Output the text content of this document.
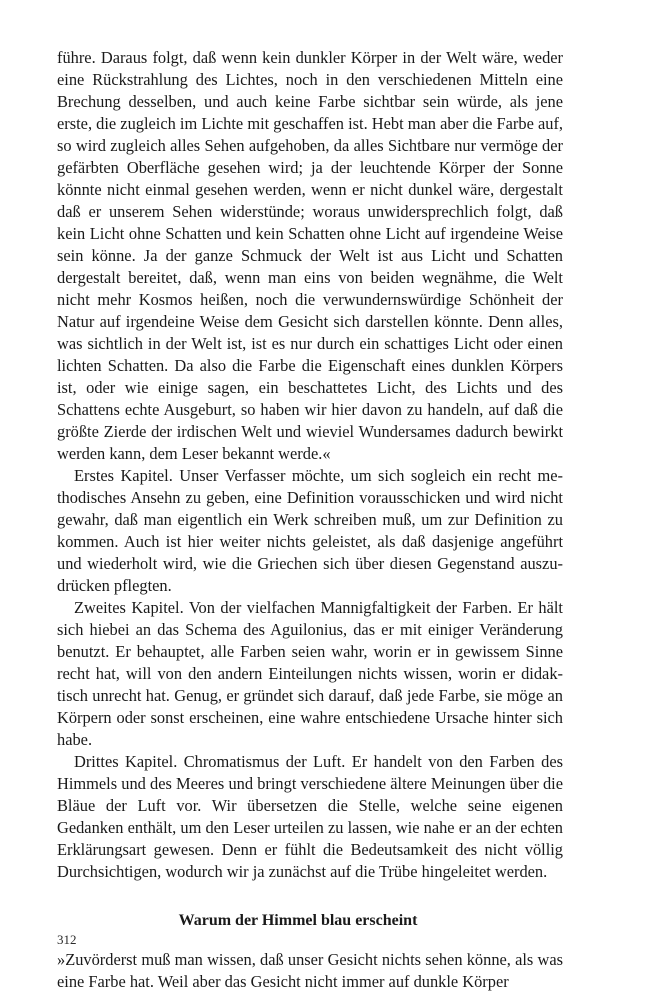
führe. Daraus folgt, daß wenn kein dunkler Körper in der Welt wäre, weder eine Rückstrahlung des Lichtes, noch in den verschiedenen Mitteln eine Brechung desselben, und auch keine Farbe sichtbar sein würde, als jene erste, die zugleich im Lichte mit geschaffen ist. Hebt man aber die Farbe auf, so wird zugleich alles Sehen aufgehoben, da alles Sichtbare nur vermöge der gefärbten Oberfläche gesehen wird; ja der leuchtende Körper der Sonne könnte nicht einmal gesehen werden, wenn er nicht dunkel wäre, dergestalt daß er unserem Sehen widerstünde; woraus unwidersprechlich folgt, daß kein Licht ohne Schatten und kein Schatten ohne Licht auf irgendeine Weise sein könne. Ja der ganze Schmuck der Welt ist aus Licht und Schatten dergestalt bereitet, daß, wenn man eins von beiden wegnähme, die Welt nicht mehr Kosmos heißen, noch die verwundernswürdige Schönheit der Natur auf irgendeine Weise dem Gesicht sich darstellen könnte. Denn alles, was sichtlich in der Welt ist, ist es nur durch ein schattiges Licht oder einen lichten Schatten. Da also die Farbe die Eigenschaft eines dunklen Körpers ist, oder wie einige sagen, ein beschattetes Licht, des Lichts und des Schattens echte Ausgeburt, so haben wir hier davon zu handeln, auf daß die größte Zierde der irdischen Welt und wieviel Wundersames dadurch bewirkt werden kann, dem Leser bekannt werde.«

Erstes Kapitel. Unser Verfasser möchte, um sich sogleich ein recht methodisches Ansehn zu geben, eine Definition vorausschicken und wird nicht gewahr, daß man eigentlich ein Werk schreiben muß, um zur Definition zu kommen. Auch ist hier weiter nichts geleistet, als daß dasjenige angeführt und wiederholt wird, wie die Griechen sich über diesen Gegenstand auszudrücken pflegten.

Zweites Kapitel. Von der vielfachen Mannigfaltigkeit der Farben. Er hält sich hiebei an das Schema des Aguilonius, das er mit einiger Veränderung benutzt. Er behauptet, alle Farben seien wahr, worin er in gewissem Sinne recht hat, will von den andern Einteilungen nichts wissen, worin er didaktisch unrecht hat. Genug, er gründet sich darauf, daß jede Farbe, sie möge an Körpern oder sonst erscheinen, eine wahre entschiedene Ursache hinter sich habe.

Drittes Kapitel. Chromatismus der Luft. Er handelt von den Farben des Himmels und des Meeres und bringt verschiedene ältere Meinungen über die Bläue der Luft vor. Wir übersetzen die Stelle, welche seine eigenen Gedanken enthält, um den Leser urteilen zu lassen, wie nahe er an der echten Erklärungsart gewesen. Denn er fühlt die Bedeutsamkeit des nicht völlig Durchsichtigen, wodurch wir ja zunächst auf die Trübe hingeleitet werden.

Warum der Himmel blau erscheint

»Zuvörderst muß man wissen, daß unser Gesicht nichts sehen könne, als was eine Farbe hat. Weil aber das Gesicht nicht immer auf dunkle Körper

312
